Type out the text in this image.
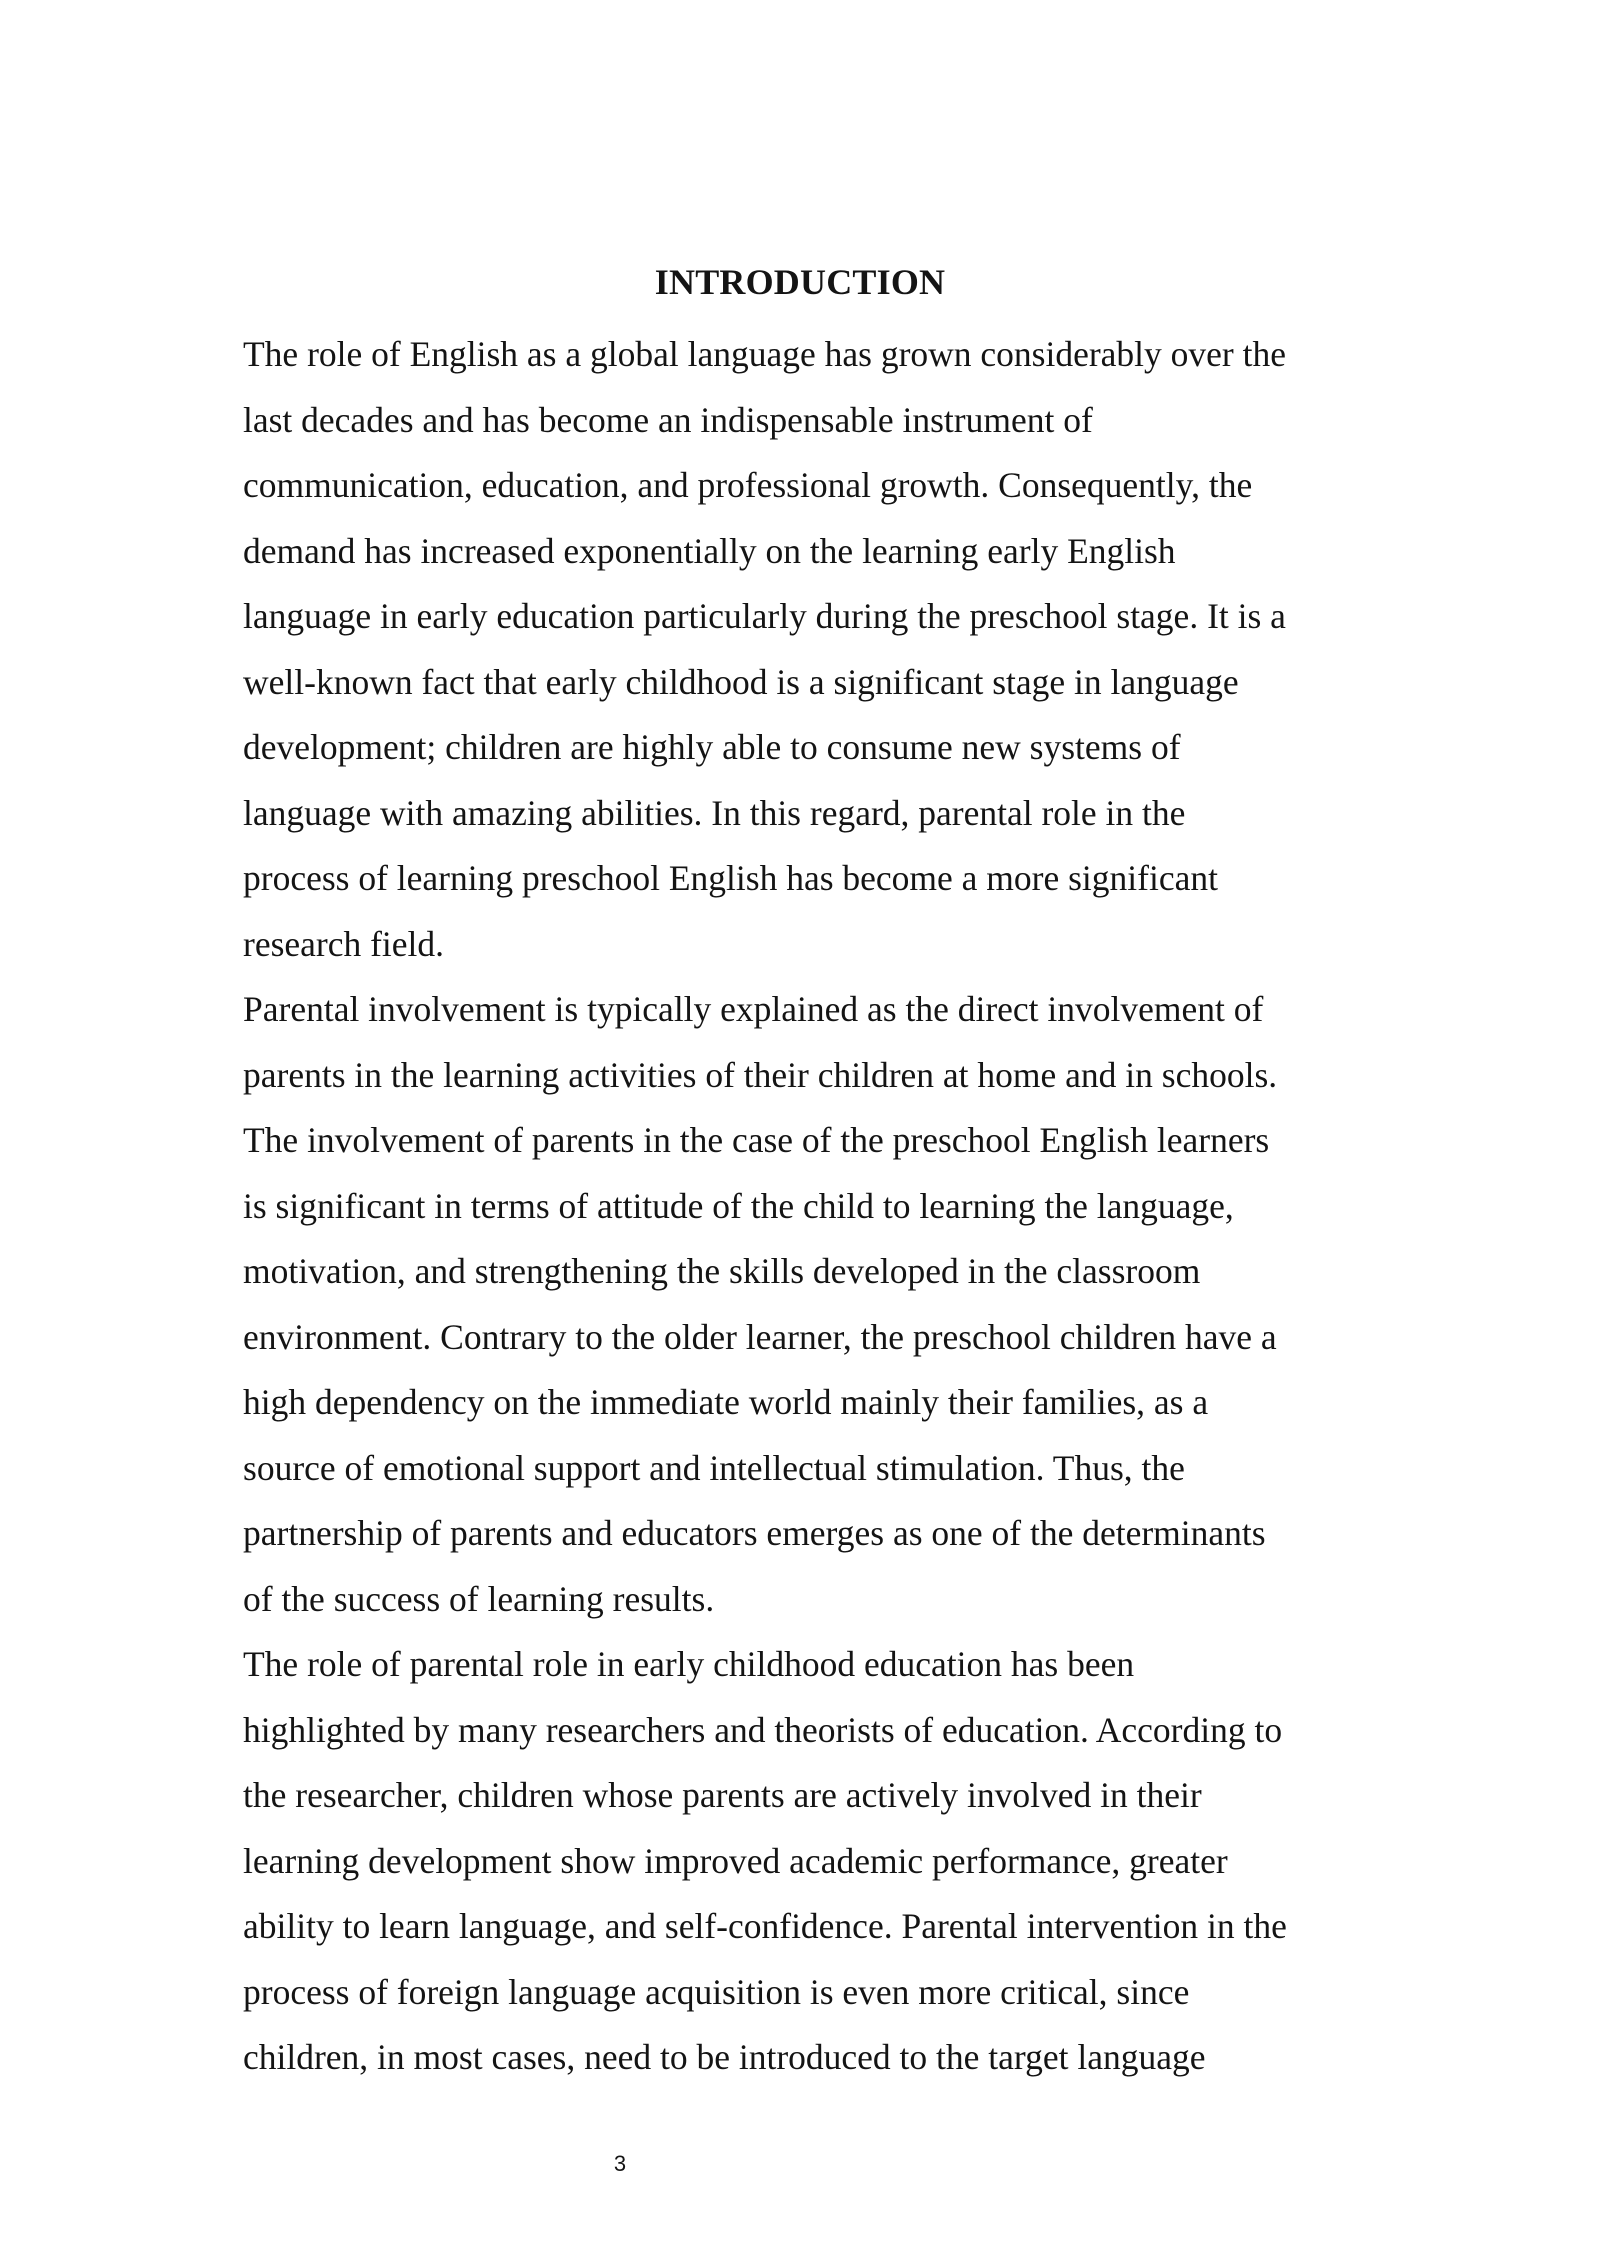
INTRODUCTION
The role of English as a global language has grown considerably over the
last decades and has become an indispensable instrument of
communication, education, and professional growth. Consequently, the
demand has increased exponentially on the learning early English
language in early education particularly during the preschool stage. It is a
well-known fact that early childhood is a significant stage in language
development; children are highly able to consume new systems of
language with amazing abilities. In this regard, parental role in the
process of learning preschool English has become a more significant
research field.
Parental involvement is typically explained as the direct involvement of
parents in the learning activities of their children at home and in schools.
The involvement of parents in the case of the preschool English learners
is significant in terms of attitude of the child to learning the language,
motivation, and strengthening the skills developed in the classroom
environment. Contrary to the older learner, the preschool children have a
high dependency on the immediate world mainly their families, as a
source of emotional support and intellectual stimulation. Thus, the
partnership of parents and educators emerges as one of the determinants
of the success of learning results.
The role of parental role in early childhood education has been
highlighted by many researchers and theorists of education. According to
the researcher, children whose parents are actively involved in their
learning development show improved academic performance, greater
ability to learn language, and self-confidence. Parental intervention in the
process of foreign language acquisition is even more critical, since
children, in most cases, need to be introduced to the target language
3
